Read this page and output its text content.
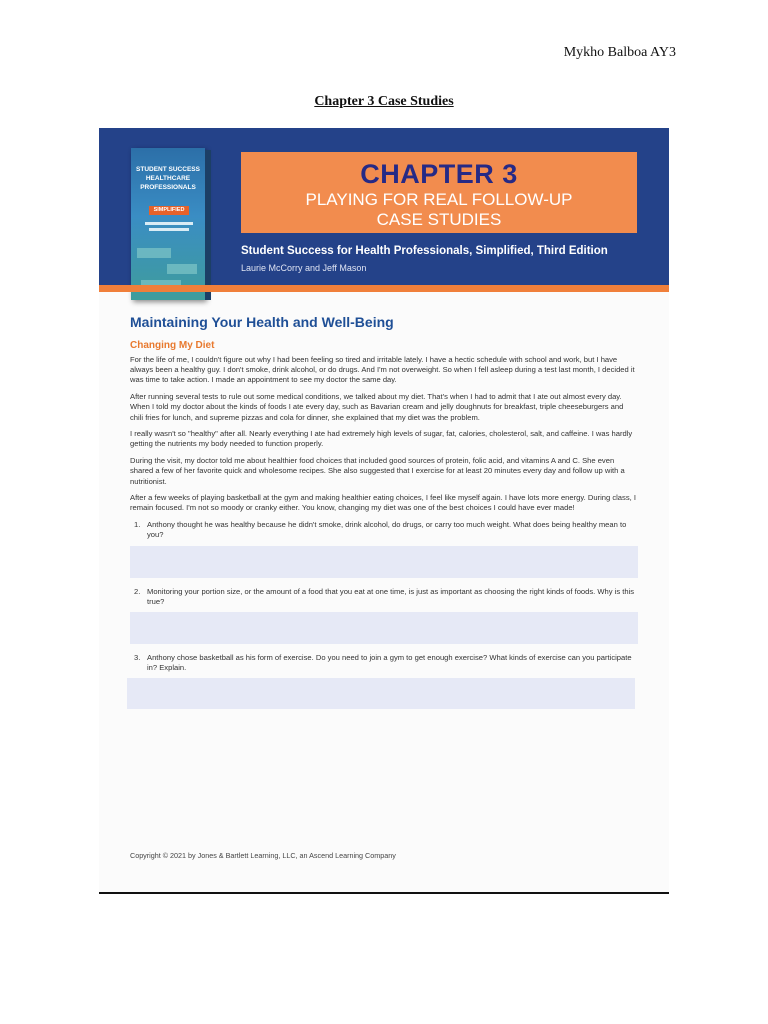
Mykho Balboa AY3
Chapter 3 Case Studies
STUDENT SUCCESS
HEALTHCARE
PROFESSIONALS
SIMPLIFIED
CHAPTER 3
PLAYING FOR REAL FOLLOW-UP
CASE STUDIES
Student Success for Health Professionals, Simplified, Third Edition
Laurie McCorry and Jeff Mason
Maintaining Your Health and Well-Being
Changing My Diet

For the life of me, I couldn't figure out why I had been feeling so tired and irritable lately. I have a hectic schedule with school and work, but I have always been a healthy guy. I don't smoke, drink alcohol, or do drugs. And I'm not overweight. So when I fell asleep during a test last month, I decided it was time to take action. I made an appointment to see my doctor the same day.

After running several tests to rule out some medical conditions, we talked about my diet. That's when I had to admit that I ate out almost every day. When I told my doctor about the kinds of foods I ate every day, such as Bavarian cream and jelly doughnuts for breakfast, triple cheeseburgers and chili fries for lunch, and supreme pizzas and cola for dinner, she explained that my diet was the problem.

I really wasn't so "healthy" after all. Nearly everything I ate had extremely high levels of sugar, fat, calories, cholesterol, salt, and caffeine. I was hardly getting the nutrients my body needed to function properly.

During the visit, my doctor told me about healthier food choices that included good sources of protein, folic acid, and vitamins A and C. She even shared a few of her favorite quick and wholesome recipes. She also suggested that I exercise for at least 20 minutes every day and follow up with a nutritionist.

After a few weeks of playing basketball at the gym and making healthier eating choices, I feel like myself again. I have lots more energy. During class, I remain focused. I'm not so moody or cranky either. You know, changing my diet was one of the best choices I could have ever made!

1. Anthony thought he was healthy because he didn't smoke, drink alcohol, do drugs, or carry too much weight. What does being healthy mean to you?
2. Monitoring your portion size, or the amount of a food that you eat at one time, is just as important as choosing the right kinds of foods. Why is this true?
3. Anthony chose basketball as his form of exercise. Do you need to join a gym to get enough exercise? What kinds of exercise can you participate in? Explain.
Copyright © 2021 by Jones & Bartlett Learning, LLC, an Ascend Learning Company
